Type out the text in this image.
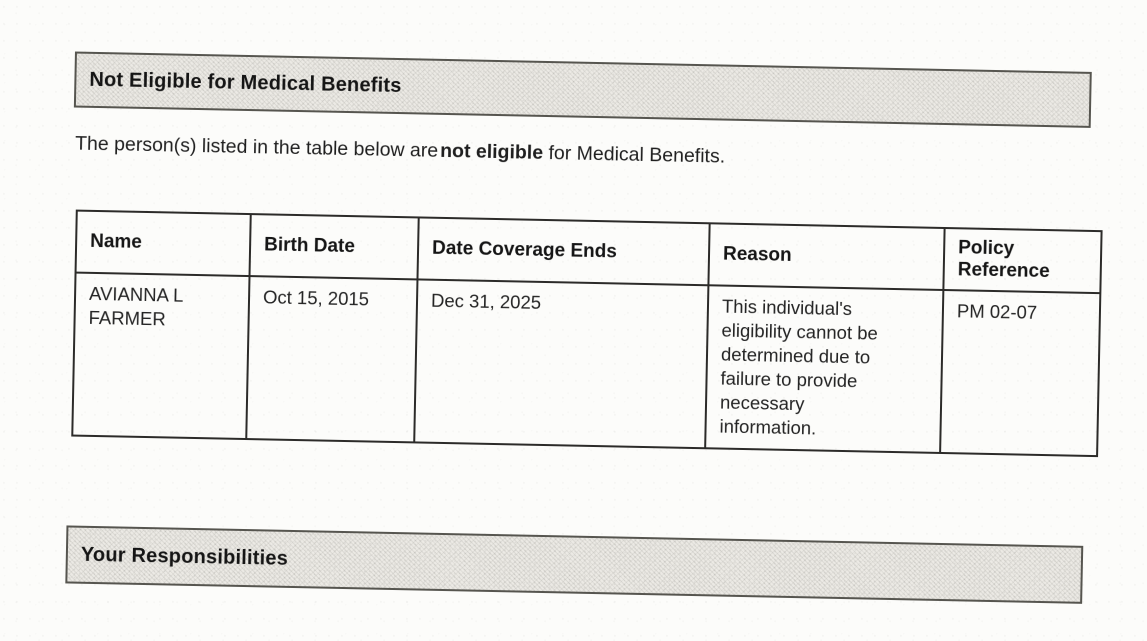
Not Eligible for Medical Benefits

The person(s) listed in the table below arenot eligible for Medical Benefits.

Name	Birth Date	Date Coverage Ends	Reason	Policy
Reference
AVIANNA L
FARMER	Oct 15, 2015	Dec 31, 2025	This individual's
eligibility cannot be
determined due to
failure to provide
necessary
information.	PM 02-07
Your Responsibilities
